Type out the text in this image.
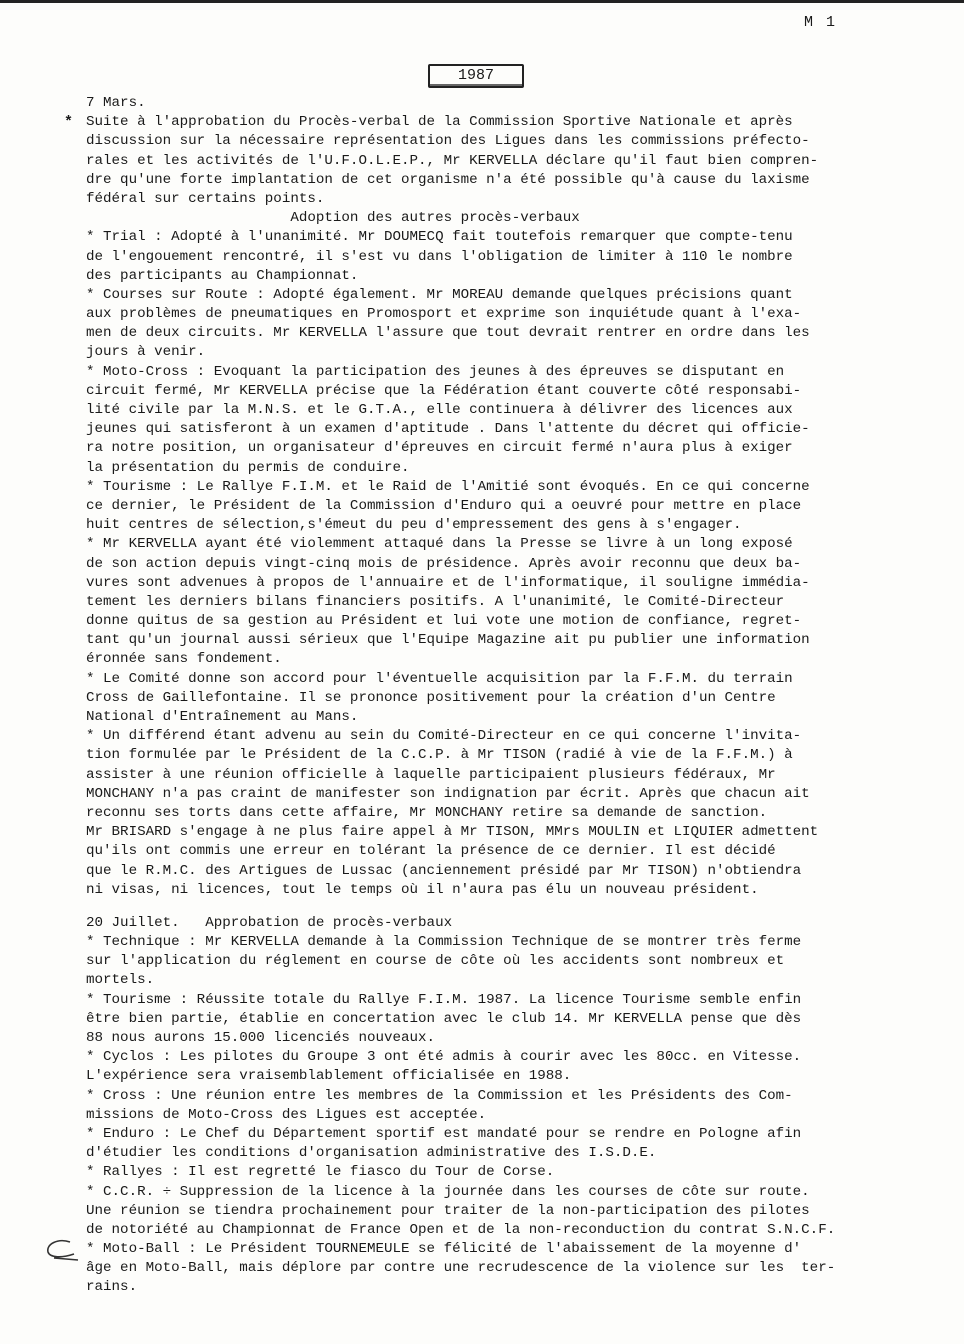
M 1
1987
7 Mars.
* Suite à l'approbation du Procès-verbal de la Commission Sportive Nationale et après
discussion sur la nécessaire représentation des Ligues dans les commissions préfecto-
rales et les activités de l'U.F.O.L.E.P., Mr KERVELLA déclare qu'il faut bien compren-
dre qu'une forte implantation de cet organisme n'a été possible qu'à cause du laxisme
fédéral sur certains points.
Adoption des autres procès-verbaux
* Trial : Adopté à l'unanimité. Mr DOUMECQ fait toutefois remarquer que compte-tenu
de l'engouement rencontré, il s'est vu dans l'obligation de limiter à 110 le nombre
des participants au Championnat.
* Courses sur Route : Adopté également. Mr MOREAU demande quelques précisions quant
aux problèmes de pneumatiques en Promosport et exprime son inquiétude quant à l'exa-
men de deux circuits. Mr KERVELLA l'assure que tout devrait rentrer en ordre dans les
jours à venir.
* Moto-Cross : Evoquant la participation des jeunes à des épreuves se disputant en
circuit fermé, Mr KERVELLA précise que la Fédération étant couverte côté responsabi-
lité civile par la M.N.S. et le G.T.A., elle continuera à délivrer des licences aux
jeunes qui satisferont à un examen d'aptitude . Dans l'attente du décret qui officie-
ra notre position, un organisateur d'épreuves en circuit fermé n'aura plus à exiger
la présentation du permis de conduire.
* Tourisme : Le Rallye F.I.M. et le Raid de l'Amitié sont évoqués. En ce qui concerne
ce dernier, le Président de la Commission d'Enduro qui a oeuvré pour mettre en place
huit centres de sélection,s'émeut du peu d'empressement des gens à s'engager.
* Mr KERVELLA ayant été violemment attaqué dans la Presse se livre à un long exposé
de son action depuis vingt-cinq mois de présidence. Après avoir reconnu que deux ba-
vures sont advenues à propos de l'annuaire et de l'informatique, il souligne immédia-
tement les derniers bilans financiers positifs. A l'unanimité, le Comité-Directeur
donne quitus de sa gestion au Président et lui vote une motion de confiance, regret-
tant qu'un journal aussi sérieux que l'Equipe Magazine ait pu publier une information
éronnée sans fondement.
* Le Comité donne son accord pour l'éventuelle acquisition par la F.F.M. du terrain
Cross de Gaillefontaine. Il se prononce positivement pour la création d'un Centre
National d'Entraînement au Mans.
* Un différend étant advenu au sein du Comité-Directeur en ce qui concerne l'invita-
tion formulée par le Président de la C.C.P. à Mr TISON (radié à vie de la F.F.M.) à
assister à une réunion officielle à laquelle participaient plusieurs fédéraux, Mr
MONCHANY n'a pas craint de manifester son indignation par écrit. Après que chacun ait
reconnu ses torts dans cette affaire, Mr MONCHANY retire sa demande de sanction.
Mr BRISARD s'engage à ne plus faire appel à Mr TISON, MMrs MOULIN et LIQUIER admettent
qu'ils ont commis une erreur en tolérant la présence de ce dernier. Il est décidé
que le R.M.C. des Artigues de Lussac (anciennement présidé par Mr TISON) n'obtiendra
ni visas, ni licences, tout le temps où il n'aura pas élu un nouveau président.
20 Juillet.   Approbation de procès-verbaux
* Technique : Mr KERVELLA demande à la Commission Technique de se montrer très ferme
sur l'application du réglement en course de côte où les accidents sont nombreux et
mortels.
* Tourisme : Réussite totale du Rallye F.I.M. 1987. La licence Tourisme semble enfin
être bien partie, établie en concertation avec le club 14. Mr KERVELLA pense que dès
88 nous aurons 15.000 licenciés nouveaux.
* Cyclos : Les pilotes du Groupe 3 ont été admis à courir avec les 80cc. en Vitesse.
L'expérience sera vraisemblablement officialisée en 1988.
* Cross : Une réunion entre les membres de la Commission et les Présidents des Com-
missions de Moto-Cross des Ligues est acceptée.
* Enduro : Le Chef du Département sportif est mandaté pour se rendre en Pologne afin
d'étudier les conditions d'organisation administrative des I.S.D.E.
* Rallyes : Il est regretté le fiasco du Tour de Corse.
* C.C.R. ÷ Suppression de la licence à la journée dans les courses de côte sur route.
Une réunion se tiendra prochainement pour traiter de la non-participation des pilotes
de notoriété au Championnat de France Open et de la non-reconduction du contrat S.N.C.F.
* Moto-Ball : Le Président TOURNEMEULE se félicité de l'abaissement de la moyenne d'
âge en Moto-Ball, mais déplore par contre une recrudescence de la violence sur les  ter-
rains.
